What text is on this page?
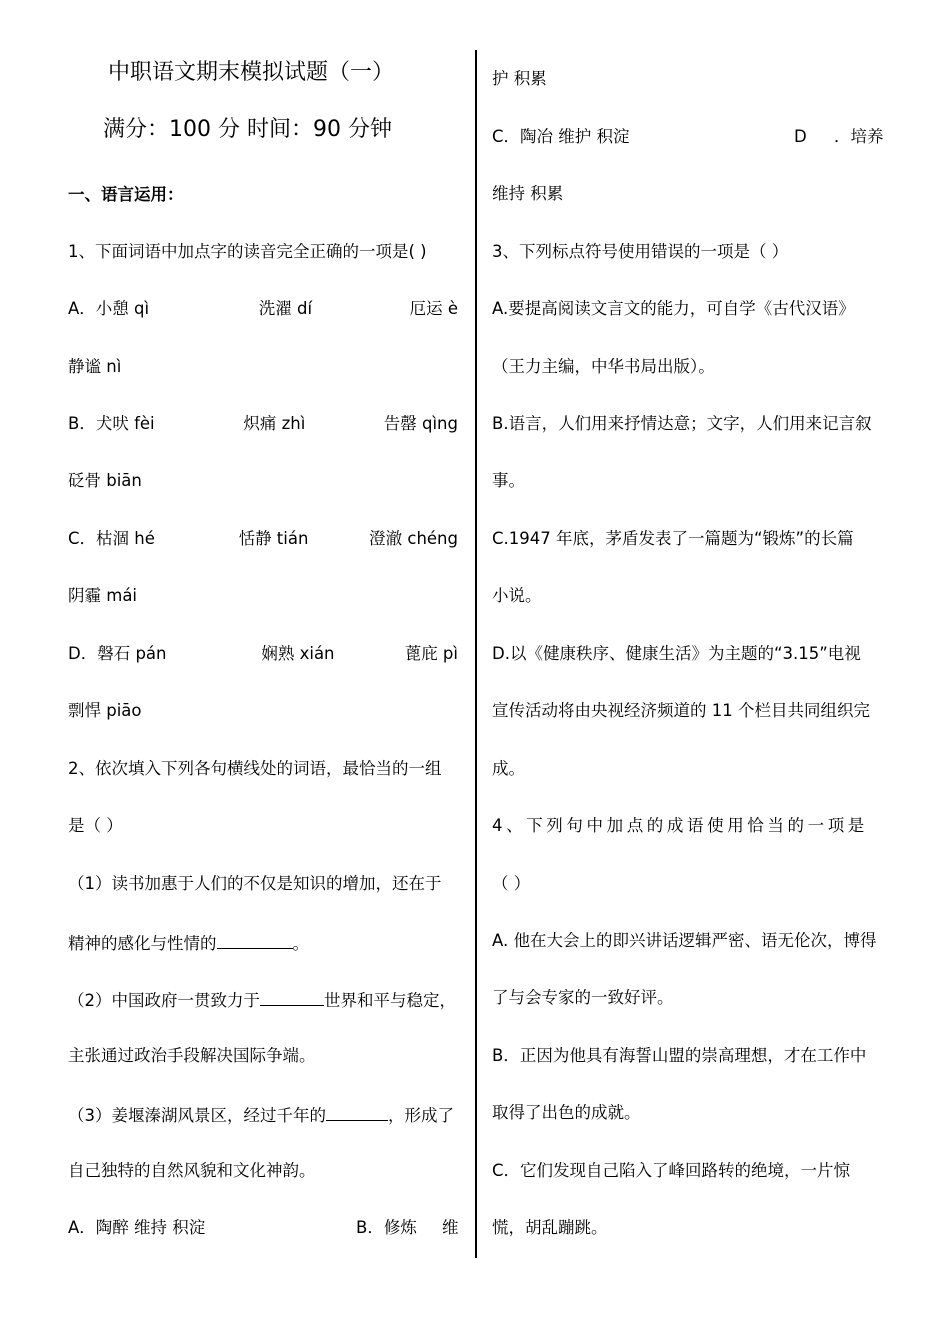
中职语文期末模拟试题（一）
满分：100 分 时间：90 分钟
一、语言运用：
1、下面词语中加点字的读音完全正确的一项是( )
A．小憩 qì	洗濯 dí	厄运 è
静谧 nì
B．犬吠 fèi	炽痛 zhì	告罄 qìng
砭骨 biān
C．枯涸 hé	恬静 tián	澄澈 chéng
阴霾 mái
D．磐石 pán	娴熟 xián	蓖庇 pì
剽悍 piāo
2、依次填入下列各句横线处的词语，最恰当的一组
是（ ）
（1）读书加惠于人们的不仅是知识的增加，还在于
精神的感化与性情的	。
（2）中国政府一贯致力于	世界和平与稳定，
主张通过政治手段解决国际争端。
（3）姜堰溱湖风景区，经过千年的	，形成了
自己独特的自然风貌和文化神韵。
A．陶醉 维持 积淀	B．修炼 维
护 积累
C．陶冶 维护 积淀	D ．培养
维持 积累
3、下列标点符号使用错误的一项是（ ）
A.要提高阅读文言文的能力，可自学《古代汉语》
（王力主编，中华书局出版）。
B.语言，人们用来抒情达意；文字，人们用来记言叙
事。
C.1947 年底，茅盾发表了一篇题为“锻炼”的长篇
小说。
D.以《健康秩序、健康生活》为主题的“3.15”电视
宣传活动将由央视经济频道的 11 个栏目共同组织完
成。
4、下列句中加点的成语使用恰当的一项是
（ ）
A. 他在大会上的即兴讲话逻辑严密、语无伦次，博得
了与会专家的一致好评。
B．正因为他具有海誓山盟的崇高理想，才在工作中
取得了出色的成就。
C．它们发现自己陷入了峰回路转的绝境，一片惊
慌，胡乱蹦跳。
